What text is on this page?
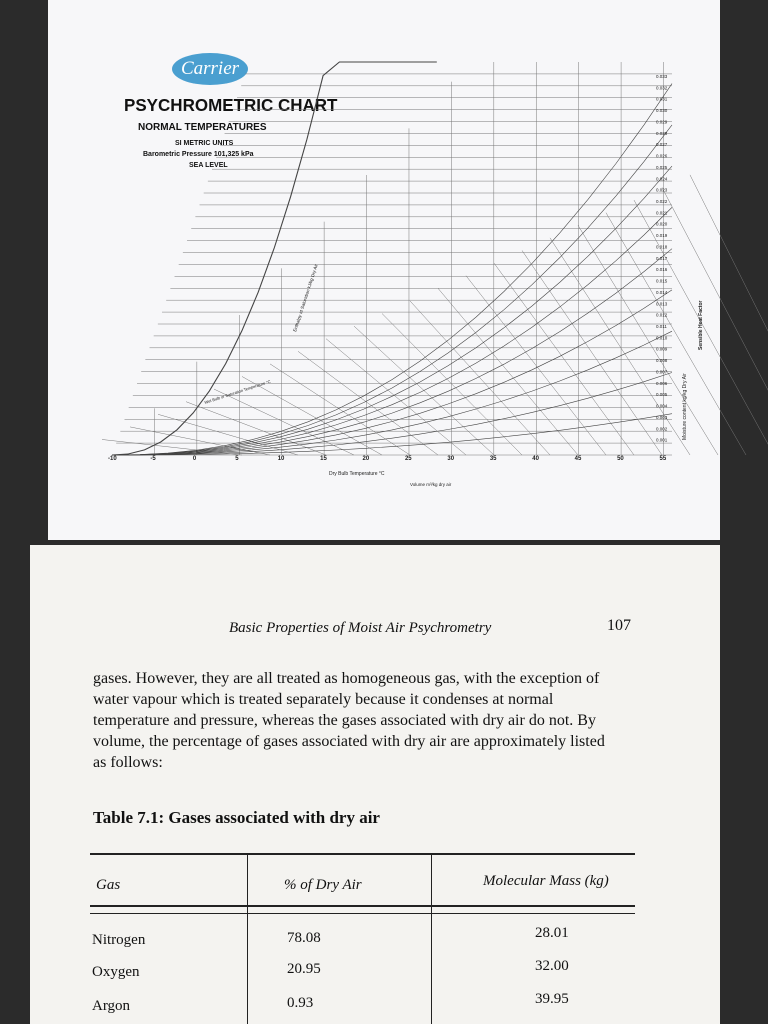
Carrier
PSYCHROMETRIC CHART
NORMAL TEMPERATURES
SI METRIC UNITS
Barometric Pressure 101,325 kPa
SEA LEVEL
-10	-5	0	5	10	15	20	25	30	35	40	45	50	55
0.033
0.032
0.031
0.030
0.029
0.028
0.027
0.026
0.025
0.024
0.023
0.022
0.021
0.020
0.019
0.018
0.017
0.016
0.015
0.014
0.013
0.012
0.011
0.010
0.009
0.008
0.007
0.006
0.005
0.004
0.003
0.002
0.001
Dry Bulb Temperature °C
Volume m³/kg dry air
Moisture content kg/kg Dry Air
Sensible Heat Factor
Enthalpy at Saturation kJ/kg Dry Air
Wet Bulb or Saturation Temperature °C
Basic Properties of Moist Air Psychrometry	107
gases. However, they are all treated as homogeneous gas, with the exception of
water vapour which is treated separately because it condenses at normal
temperature and pressure, whereas the gases associated with dry air do not. By
volume, the percentage of gases associated with dry air are approximately listed
as follows:
Table 7.1: Gases associated with dry air
Gas	% of Dry Air	Molecular Mass (kg)
Nitrogen	78.08	28.01
Oxygen	20.95	32.00
Argon	0.93	39.95
